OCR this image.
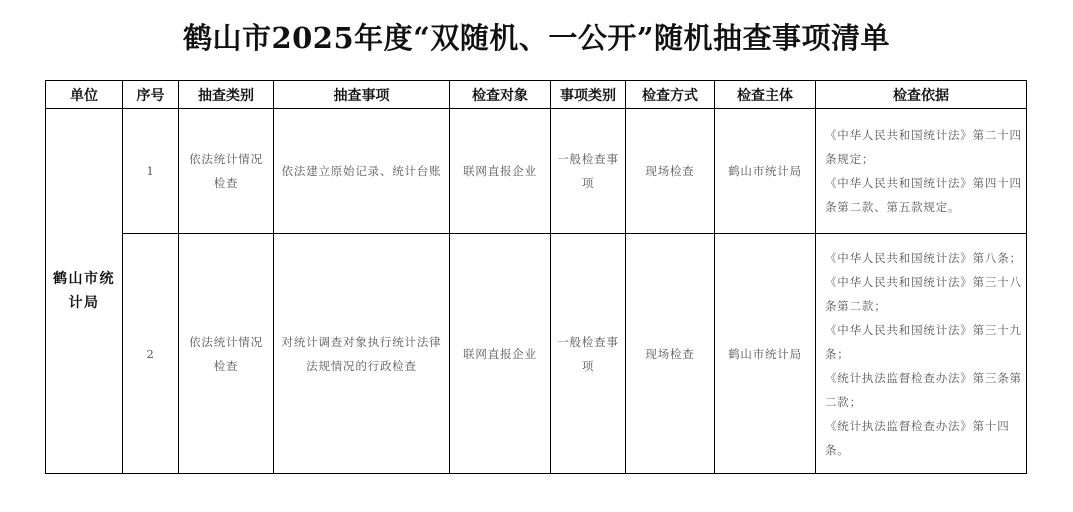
鹤山市2025年度“双随机、一公开”随机抽查事项清单
单位	序号	抽查类别	抽查事项	检查对象	事项类别	检查方式	检查主体	检查依据
鹤山市统计局	1	依法统计情况检查	依法建立原始记录、统计台账	联网直报企业	一般检查事项	现场检查	鹤山市统计局	《中华人民共和国统计法》第二十四条规定；
《中华人民共和国统计法》第四十四条第二款、第五款规定。

	2	依法统计情况检查	对统计调查对象执行统计法律法规情况的行政检查	联网直报企业	一般检查事项	现场检查	鹤山市统计局	《中华人民共和国统计法》第八条；
《中华人民共和国统计法》第三十八条第二款；
《中华人民共和国统计法》第三十九条；
《统计执法监督检查办法》第三条第二款；
《统计执法监督检查办法》第十四条。
